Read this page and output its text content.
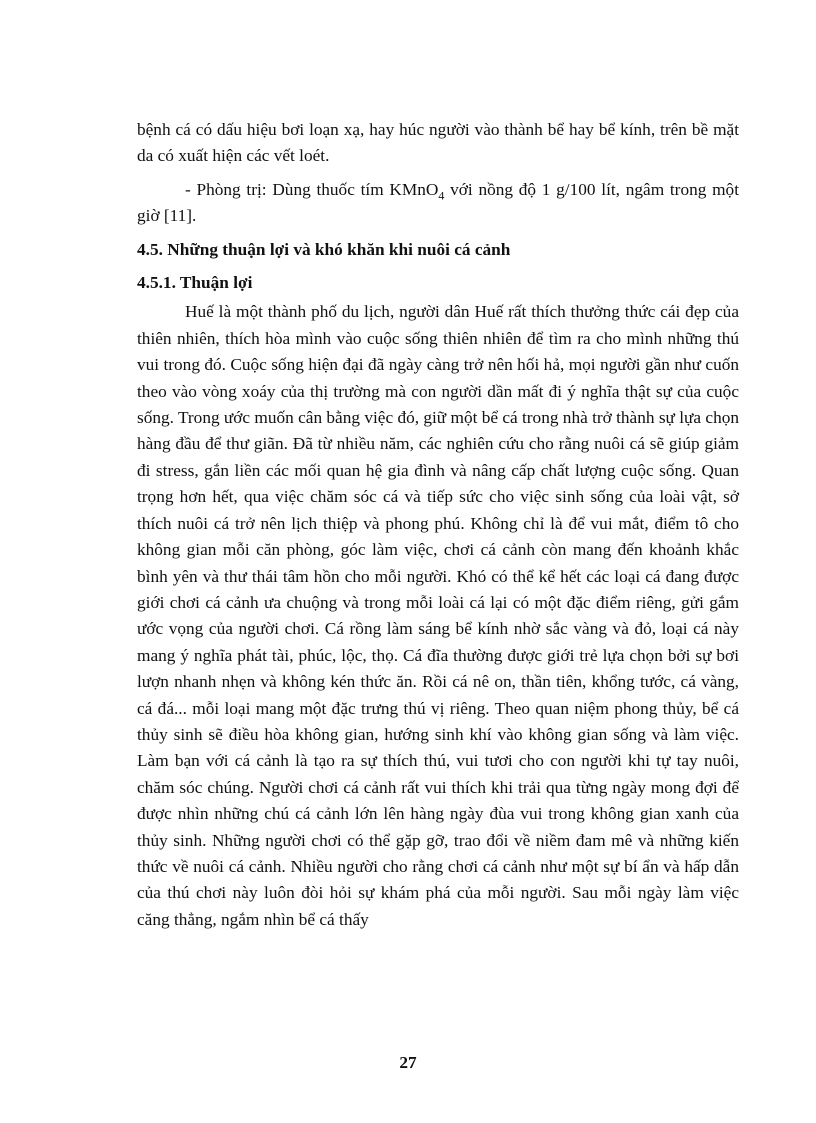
bệnh cá có dấu hiệu bơi loạn xạ, hay húc người vào thành bể hay bể kính, trên bề mặt da có xuất hiện các vết loét.

- Phòng trị: Dùng thuốc tím KMnO$_4$ với nồng độ 1 g/100 lít, ngâm trong một giờ [11].

4.5. Những thuận lợi và khó khăn khi nuôi cá cảnh
4.5.1. Thuận lợi

Huế là một thành phố du lịch, người dân Huế rất thích thưởng thức cái đẹp của thiên nhiên, thích hòa mình vào cuộc sống thiên nhiên để tìm ra cho mình những thú vui trong đó. Cuộc sống hiện đại đã ngày càng trở nên hối hả, mọi người gần như cuốn theo vào vòng xoáy của thị trường mà con người dần mất đi ý nghĩa thật sự của cuộc sống. Trong ước muốn cân bằng việc đó, giữ một bể cá trong nhà trở thành sự lựa chọn hàng đầu để thư giãn. Đã từ nhiều năm, các nghiên cứu cho rằng nuôi cá sẽ giúp giảm đi stress, gắn liền các mối quan hệ gia đình và nâng cấp chất lượng cuộc sống. Quan trọng hơn hết, qua việc chăm sóc cá và tiếp sức cho việc sinh sống của loài vật, sở thích nuôi cá trở nên lịch thiệp và phong phú. Không chỉ là để vui mắt, điểm tô cho không gian mỗi căn phòng, góc làm việc, chơi cá cảnh còn mang đến khoảnh khắc bình yên và thư thái tâm hồn cho mỗi người. Khó có thể kể hết các loại cá đang được giới chơi cá cảnh ưa chuộng và trong mỗi loài cá lại có một đặc điểm riêng, gửi gắm ước vọng của người chơi. Cá rồng làm sáng bể kính nhờ sắc vàng và đỏ, loại cá này mang ý nghĩa phát tài, phúc, lộc, thọ. Cá đĩa thường được giới trẻ lựa chọn bởi sự bơi lượn nhanh nhẹn và không kén thức ăn. Rồi cá nê on, thần tiên, khổng tước, cá vàng, cá đá... mỗi loại mang một đặc trưng thú vị riêng. Theo quan niệm phong thủy, bể cá thủy sinh sẽ điều hòa không gian, hướng sinh khí vào không gian sống và làm việc. Làm bạn với cá cảnh là tạo ra sự thích thú, vui tươi cho con người khi tự tay nuôi, chăm sóc chúng. Người chơi cá cảnh rất vui thích khi trải qua từng ngày mong đợi để được nhìn những chú cá cảnh lớn lên hàng ngày đùa vui trong không gian xanh của thủy sinh. Những người chơi có thể gặp gỡ, trao đổi về niềm đam mê và những kiến thức về nuôi cá cảnh. Nhiều người cho rằng chơi cá cảnh như một sự bí ẩn và hấp dẫn của thú chơi này luôn đòi hỏi sự khám phá của mỗi người. Sau mỗi ngày làm việc căng thẳng, ngắm nhìn bể cá thấy

27
